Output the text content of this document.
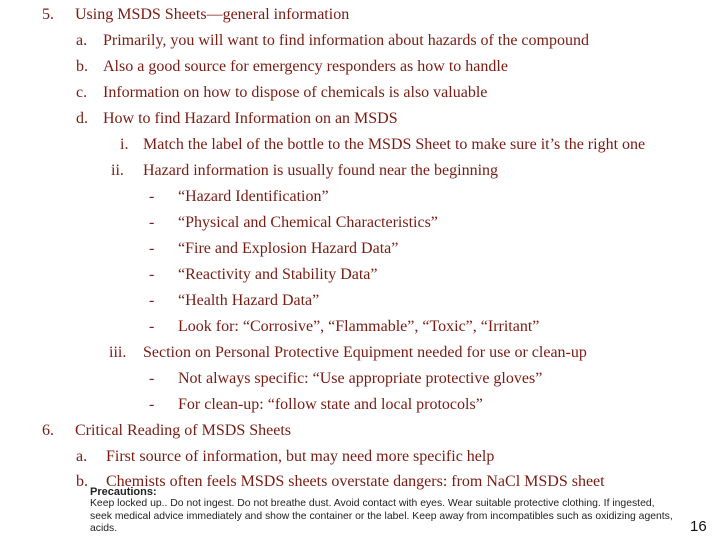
5. Using MSDS Sheets—general information
a. Primarily, you will want to find information about hazards of the compound
b. Also a good source for emergency responders as how to handle
c. Information on how to dispose of chemicals is also valuable
d. How to find Hazard Information on an MSDS
i. Match the label of the bottle to the MSDS Sheet to make sure it’s the right one
ii. Hazard information is usually found near the beginning
- “Hazard Identification”
- “Physical and Chemical Characteristics”
- “Fire and Explosion Hazard Data”
- “Reactivity and Stability Data”
- “Health Hazard Data”
- Look for: “Corrosive”, “Flammable”, “Toxic”, “Irritant”
iii. Section on Personal Protective Equipment needed for use or clean-up
- Not always specific: “Use appropriate protective gloves”
- For clean-up: “follow state and local protocols”
6. Critical Reading of MSDS Sheets
a. First source of information, but may need more specific help
b. Chemists often feels MSDS sheets overstate dangers: from NaCl MSDS sheet
Precautions:
Keep locked up.. Do not ingest. Do not breathe dust. Avoid contact with eyes. Wear suitable protective clothing. If ingested, seek medical advice immediately and show the container or the label. Keep away from incompatibles such as oxidizing agents, acids.	16
